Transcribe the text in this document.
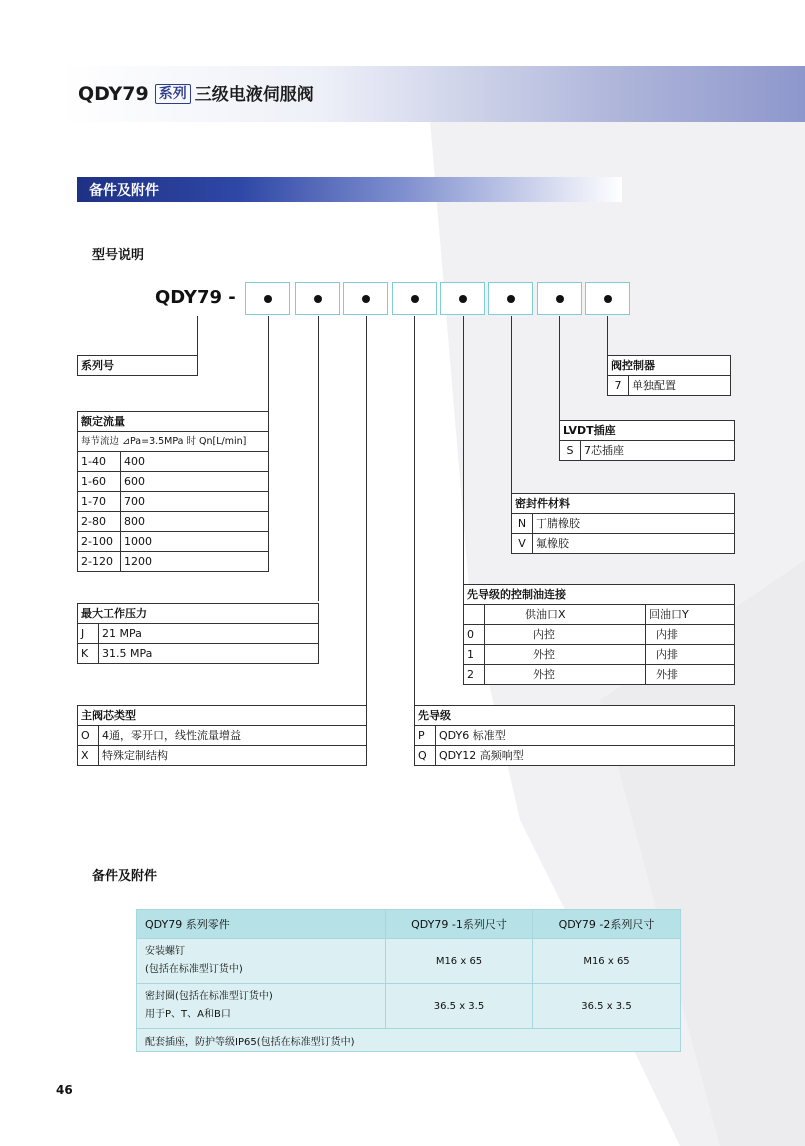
QDY79 系列 三级电液伺服阀
备件及附件
型号说明
QDY79 -
系列号
额定流量	
每节流边 ⊿Pa=3.5MPa 时 Qn[L/min]	
1-40	400
1-60	600
1-70	700
2-80	800
2-100	1000
2-120	1200
最大工作压力	
J	21 MPa
K	31.5 MPa
主阀芯类型	
O	4通，零开口，线性流量增益
X	特殊定制结构
先导级	
P	QDY6 标准型
Q	QDY12 高频响型
先导级的控制油连接		
	供油口X	回油口Y
0	内控	内排
1	外控	内排
2	外控	外排
密封件材料	
N	丁腈橡胶
V	氟橡胶
LVDT插座
S	7芯插座
阀控制器
7	单独配置
备件及附件
QDY79 系列零件	QDY79 -1系列尺寸	QDY79 -2系列尺寸

安装螺钉
(包括在标准型订货中)	M16 x 65	M16 x 65

密封圈(包括在标准型订货中)
用于P、T、A和B口	36.5 x 3.5	36.5 x 3.5
配套插座，防护等级IP65(包括在标准型订货中)		
46
